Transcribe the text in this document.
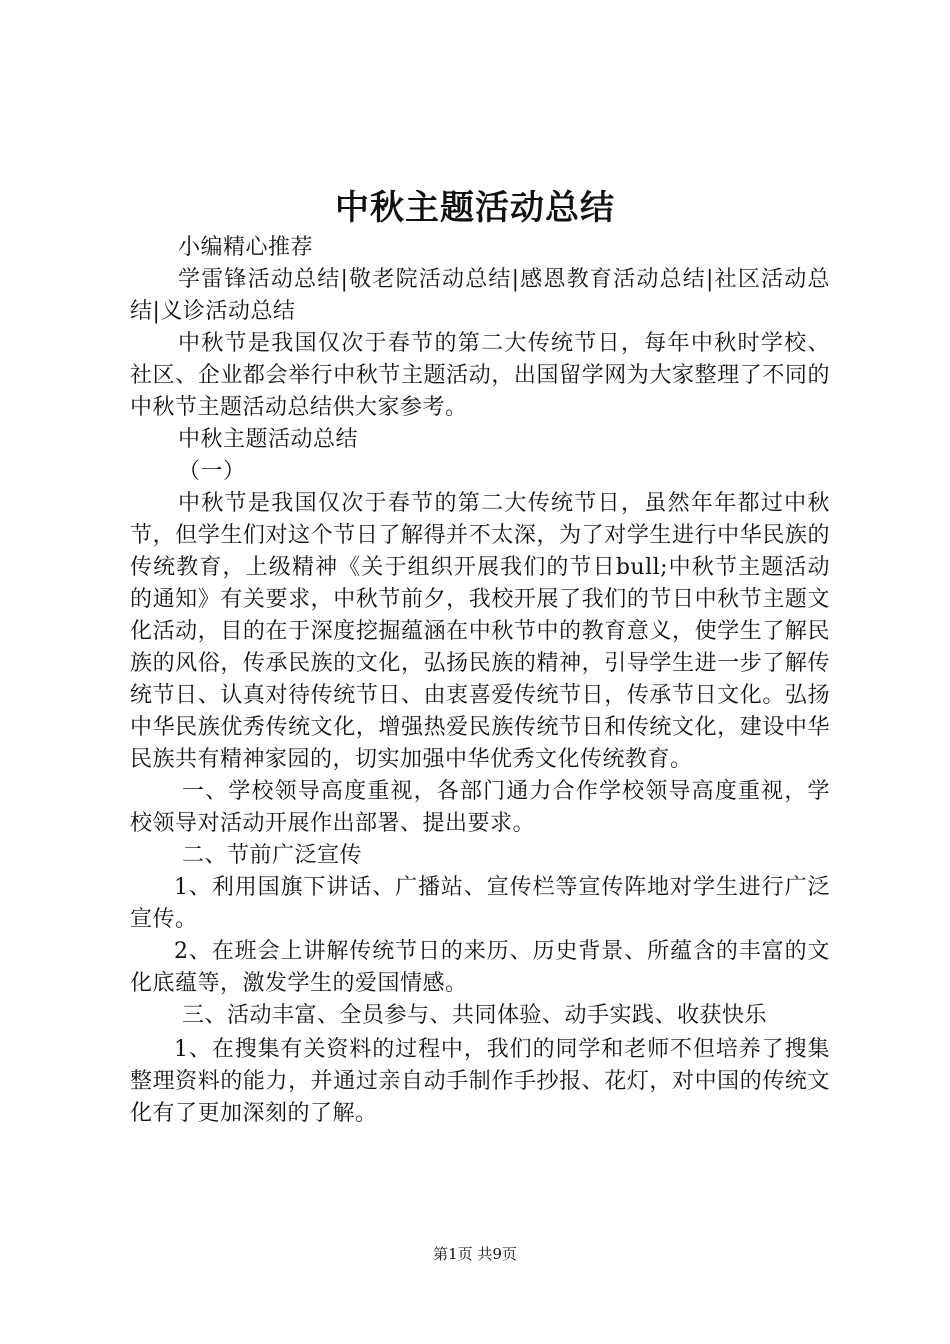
中秋主题活动总结

小编精心推荐

学雷锋活动总结|敬老院活动总结|感恩教育活动总结|社区活动总结|义诊活动总结

中秋节是我国仅次于春节的第二大传统节日，每年中秋时学校、社区、企业都会举行中秋节主题活动，出国留学网为大家整理了不同的中秋节主题活动总结供大家参考。

中秋主题活动总结

（一）

中秋节是我国仅次于春节的第二大传统节日，虽然年年都过中秋节，但学生们对这个节日了解得并不太深，为了对学生进行中华民族的传统教育，上级精神《关于组织开展我们的节日bull;中秋节主题活动的通知》有关要求，中秋节前夕，我校开展了我们的节日中秋节主题文化活动，目的在于深度挖掘蕴涵在中秋节中的教育意义，使学生了解民族的风俗，传承民族的文化，弘扬民族的精神，引导学生进一步了解传统节日、认真对待传统节日、由衷喜爱传统节日，传承节日文化。弘扬中华民族优秀传统文化，增强热爱民族传统节日和传统文化，建设中华民族共有精神家园的，切实加强中华优秀文化传统教育。

一、学校领导高度重视，各部门通力合作学校领导高度重视，学校领导对活动开展作出部署、提出要求。

二、节前广泛宣传

1、利用国旗下讲话、广播站、宣传栏等宣传阵地对学生进行广泛宣传。

2、在班会上讲解传统节日的来历、历史背景、所蕴含的丰富的文化底蕴等，激发学生的爱国情感。

三、活动丰富、全员参与、共同体验、动手实践、收获快乐

1、在搜集有关资料的过程中，我们的同学和老师不但培养了搜集整理资料的能力，并通过亲自动手制作手抄报、花灯，对中国的传统文化有了更加深刻的了解。

第1页 共9页
